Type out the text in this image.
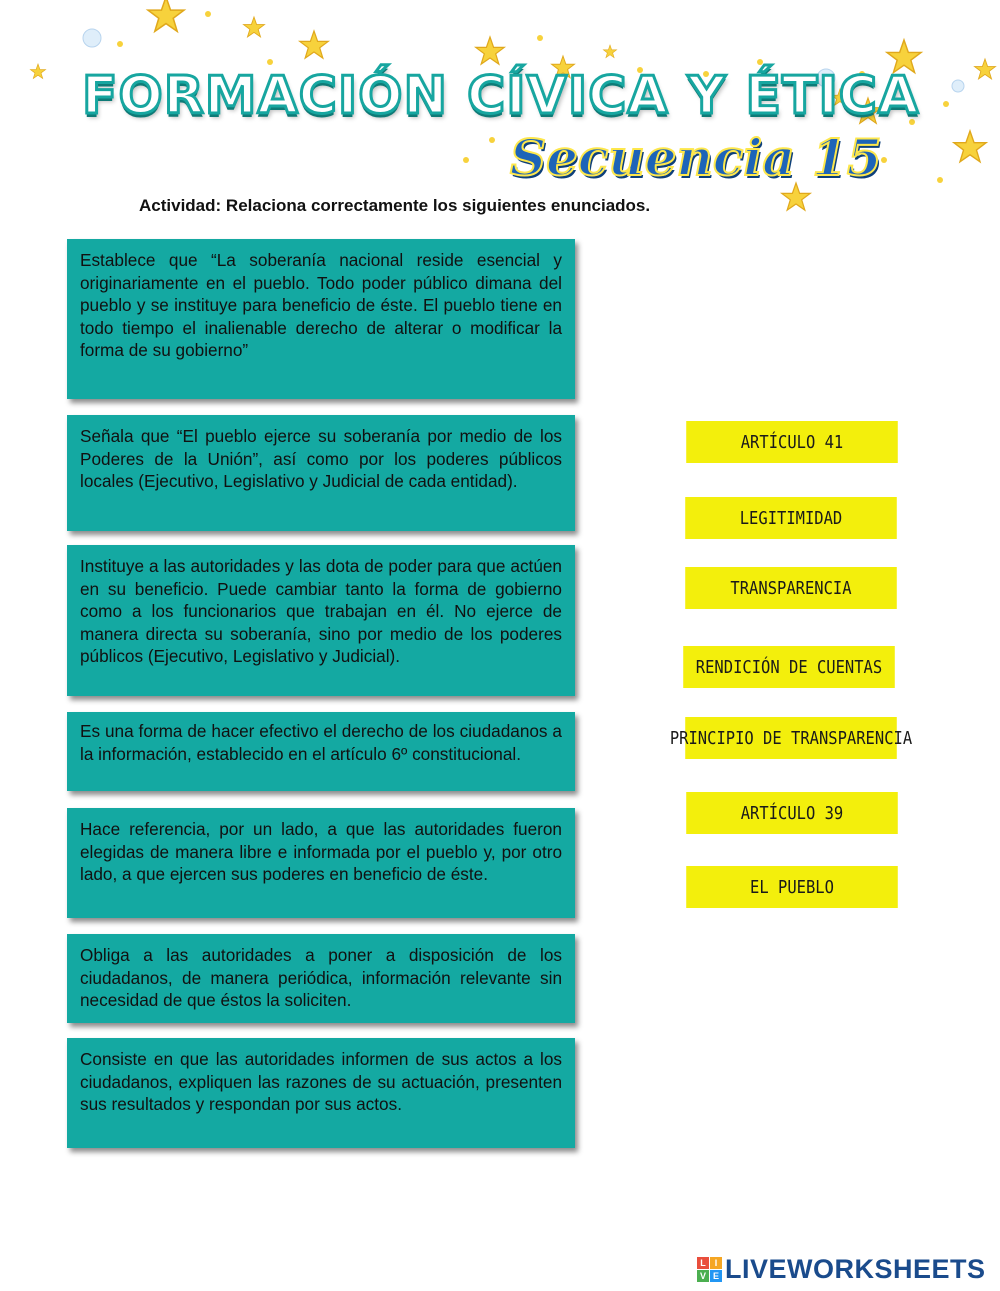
FORMACIÓN CÍVICA Y ÉTICA
Secuencia 15
Actividad: Relaciona correctamente los siguientes enunciados.
Establece que “La soberanía nacional reside esencial y originariamente en el pueblo. Todo poder público dimana del pueblo y se instituye para beneficio de éste. El pueblo tiene en todo tiempo el inalienable derecho de alterar o modificar la forma de su gobierno”
Señala que “El pueblo ejerce su soberanía por medio de los Poderes de la Unión”, así como por los poderes públicos locales (Ejecutivo, Legislativo y Judicial de cada entidad).
Instituye a las autoridades y las dota de poder para que actúen en su beneficio. Puede cambiar tanto la forma de gobierno como a los funcionarios que trabajan en él. No ejerce de manera directa su soberanía, sino por medio de los poderes públicos (Ejecutivo, Legislativo y Judicial).
Es una forma de hacer efectivo el derecho de los ciudadanos a la información, establecido en el artículo 6º constitucional.
Hace referencia, por un lado, a que las autoridades fueron elegidas de manera libre e informada por el pueblo y, por otro lado, a que ejercen sus poderes en beneficio de éste.
Obliga a las autoridades a poner a disposición de los ciudadanos, de manera periódica, información relevante sin necesidad de que éstos la soliciten.
Consiste en que las autoridades informen de sus actos a los ciudadanos, expliquen las razones de su actuación, presenten sus resultados y respondan por sus actos.
ARTÍCULO 41
LEGITIMIDAD
TRANSPARENCIA
RENDICIÓN DE CUENTAS
PRINCIPIO DE TRANSPARENCIA
ARTÍCULO 39
EL PUEBLO
L I
V E LIVEWORKSHEETS
